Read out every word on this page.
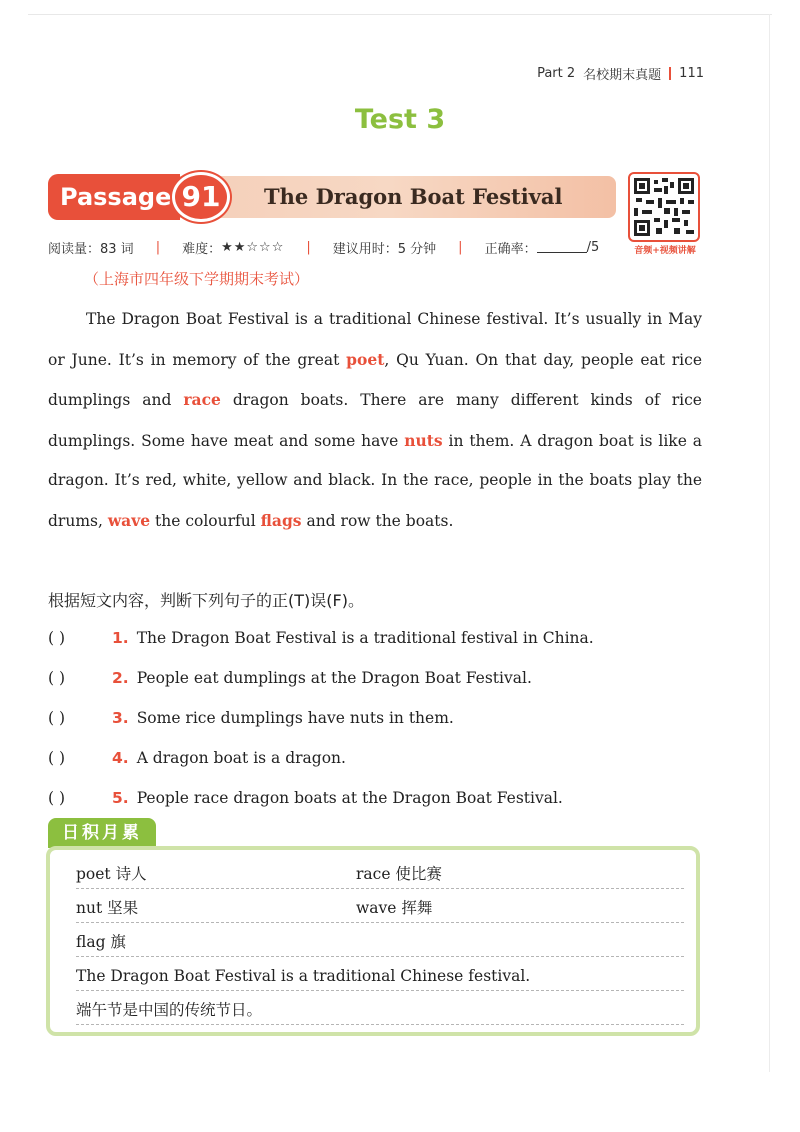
Part 2 名校期末真题 111
Test 3
Passage 91	The Dragon Boat Festival
音频+视频讲解
阅读量：83 词 | 难度： ★★☆☆☆ | 建议用时：5 分钟 | 正确率：	/5
（上海市四年级下学期期末考试）
The Dragon Boat Festival is a traditional Chinese festival. It’s usually in May or June. It’s in memory of the great poet, Qu Yuan. On that day, people eat rice dumplings and race dragon boats. There are many different kinds of rice dumplings. Some have meat and some have nuts in them. A dragon boat is like a dragon. It’s red, white, yellow and black. In the race, people in the boats play the drums, wave the colourful flags and row the boats.
根据短文内容，判断下列句子的正(T)误(F)。
( )	1. The Dragon Boat Festival is a traditional festival in China.
( )	2. People eat dumplings at the Dragon Boat Festival.
( )	3. Some rice dumplings have nuts in them.
( )	4. A dragon boat is a dragon.
( )	5. People race dragon boats at the Dragon Boat Festival.
日积月累
poet 诗人	race 使比赛
nut 坚果	wave 挥舞
flag 旗
The Dragon Boat Festival is a traditional Chinese festival.
端午节是中国的传统节日。
